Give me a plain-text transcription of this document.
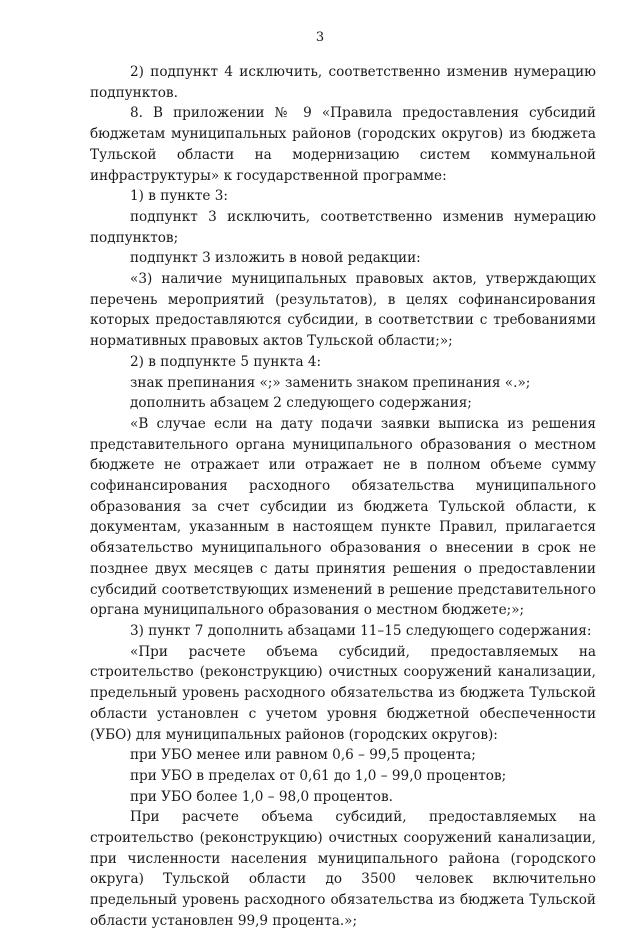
3

2) подпункт 4 исключить, соответственно изменив нумерацию подпунктов.

8. В приложении № 9 «Правила предоставления субсидий бюджетам муниципальных районов (городских округов) из бюджета Тульской области на модернизацию систем коммунальной инфраструктуры» к государственной программе:

1) в пункте 3:

подпункт 3 исключить, соответственно изменив нумерацию подпунктов;

подпункт 3 изложить в новой редакции:

«3) наличие муниципальных правовых актов, утверждающих перечень мероприятий (результатов), в целях софинансирования которых предоставляются субсидии, в соответствии с требованиями нормативных правовых актов Тульской области;»;

2) в подпункте 5 пункта 4:

знак препинания «;» заменить знаком препинания «.»;

дополнить абзацем 2 следующего содержания;

«В случае если на дату подачи заявки выписка из решения представительного органа муниципального образования о местном бюджете не отражает или отражает не в полном объеме сумму софинансирования расходного обязательства муниципального образования за счет субсидии из бюджета Тульской области, к документам, указанным в настоящем пункте Правил, прилагается обязательство муниципального образования о внесении в срок не позднее двух месяцев с даты принятия решения о предоставлении субсидий соответствующих изменений в решение представительного органа муниципального образования о местном бюджете;»;

3) пункт 7 дополнить абзацами 11–15 следующего содержания:

«При расчете объема субсидий, предоставляемых на строительство (реконструкцию) очистных сооружений канализации, предельный уровень расходного обязательства из бюджета Тульской области установлен с учетом уровня бюджетной обеспеченности (УБО) для муниципальных районов (городских округов):

при УБО менее или равном 0,6 – 99,5 процента;

при УБО в пределах от 0,61 до 1,0 – 99,0 процентов;

при УБО более 1,0 – 98,0 процентов.

При расчете объема субсидий, предоставляемых на строительство (реконструкцию) очистных сооружений канализации, при численности населения муниципального района (городского округа) Тульской области до 3500 человек включительно предельный уровень расходного обязательства из бюджета Тульской области установлен 99,9 процента.»;
